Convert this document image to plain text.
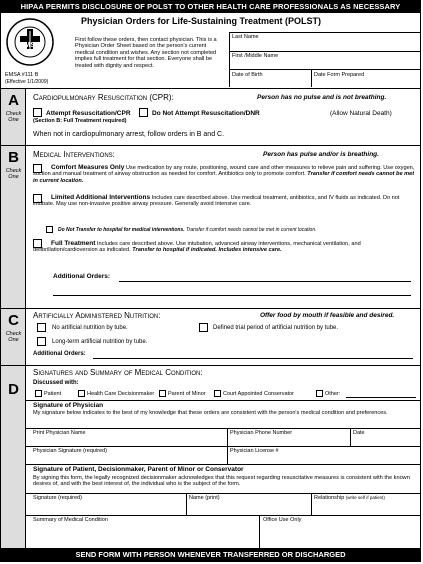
HIPAA PERMITS DISCLOSURE OF POLST TO OTHER HEALTH CARE PROFESSIONALS AS NECESSARY
EMSA
EMSA #111 B
(Effective 1/1/2009)
Physician Orders for Life-Sustaining Treatment (POLST)
First follow these orders, then contact physician. This is a Physician Order Sheet based on the person's current medical condition and wishes. Any section not completed implies full treatment for that section. Everyone shall be treated with dignity and respect.
Last Name
First /Middle Name
Date of Birth	Date Form Prepared
A
Check One
Cardiopulmonary Resuscitation (CPR):	Person has no pulse and is not breathing.
Attempt Resuscitation/CPR
(Section B: Full Treatment required)
Do Not Attempt Resuscitation/DNR	(Allow Natural Death)
When not in cardiopulmonary arrest, follow orders in B and C.
B
Check One
Medical Interventions:	Person has pulse and/or is breathing.
Comfort Measures Only Use medication by any route, positioning, wound care and other measures to relieve pain and suffering. Use oxygen, suction and manual treatment of airway obstruction as needed for comfort. Antibiotics only to promote comfort. Transfer if comfort needs cannot be met in current location.
Limited Additional Interventions Includes care described above. Use medical treatment, antibiotics, and IV fluids as indicated. Do not intubate. May use non-invasive positive airway pressure. Generally avoid intensive care.
Do Not Transfer to hospital for medical interventions. Transfer if comfort needs cannot be met in current location.
Full Treatment Includes care described above. Use intubation, advanced airway interventions, mechanical ventilation, and defibrillation/cardioversion as indicated. Transfer to hospital if indicated. Includes intensive care.
Additional Orders:
C
Check One
Artificially Administered Nutrition:	Offer food by mouth if feasible and desired.
No artificial nutrition by tube.	Defined trial period of artificial nutrition by tube.
Long-term artificial nutrition by tube.
Additional Orders:
D
Signatures and Summary of Medical Condition:
Discussed with:
Patient	Health Care Decisionmaker	Parent of Minor	Court Appointed Conservator	Other:
Signature of Physician
My signature below indicates to the best of my knowledge that these orders are consistent with the person's medical condition and preferences.
Print Physician Name	Physician Phone Number	Date
Physician Signature (required)	Physician License #
Signature of Patient, Decisionmaker, Parent of Minor or Conservator
By signing this form, the legally recognized decisionmaker acknowledges that this request regarding resuscitative measures is consistent with the known desires of, and with the best interest of, the individual who is the subject of the form.
Signature (required)	Name (print)	Relationship (write self if patient)
Summary of Medical Condition	Office Use Only
SEND FORM WITH PERSON WHENEVER TRANSFERRED OR DISCHARGED
